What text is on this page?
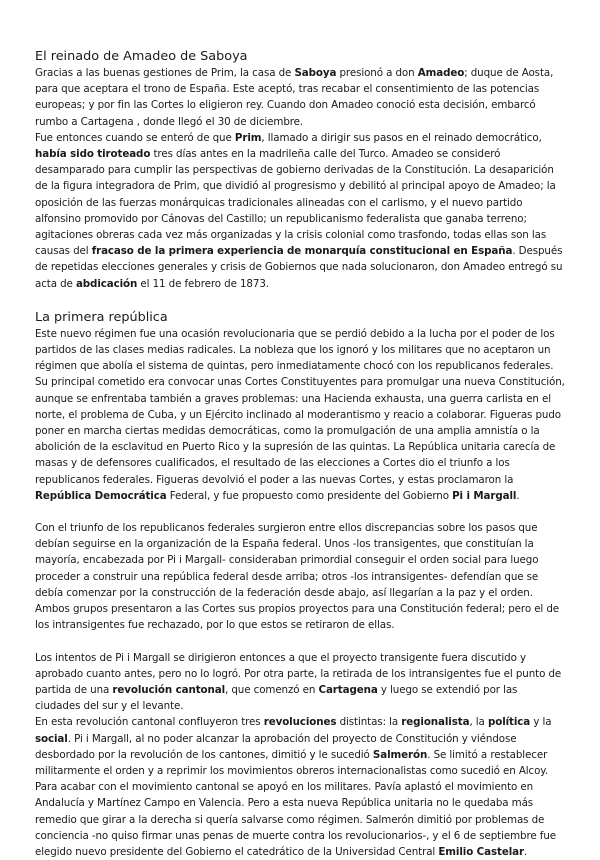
El reinado de Amadeo de Saboya

Gracias a las buenas gestiones de Prim, la casa de Saboya presionó a don Amadeo; duque de Aosta, para que aceptara el trono de España. Este aceptó, tras recabar el consentimiento de las potencias europeas; y por fin las Cortes lo eligieron rey. Cuando don Amadeo conoció esta decisión, embarcó rumbo a Cartagena , donde llegó el 30 de diciembre.

Fue entonces cuando se enteró de que Prim, llamado a dirigir sus pasos en el reinado democrático, había sido tiroteado tres días antes en la madrileña calle del Turco. Amadeo se consideró desamparado para cumplir las perspectivas de gobierno derivadas de la Constitución. La desaparición de la figura integradora de Prim, que dividió al progresismo y debilitó al principal apoyo de Amadeo; la oposición de las fuerzas monárquicas tradicionales alineadas con el carlismo, y el nuevo partido alfonsino promovido por Cánovas del Castillo; un republicanismo federalista que ganaba terreno; agitaciones obreras cada vez más organizadas y la crisis colonial como trasfondo, todas ellas son las causas del fracaso de la primera experiencia de monarquía constitucional en España. Después de repetidas elecciones generales y crisis de Gobiernos que nada solucionaron, don Amadeo entregó su acta de abdicación el 11 de febrero de 1873.

La primera república

Este nuevo régimen fue una ocasión revolucionaria que se perdió debido a la lucha por el poder de los partidos de las clases medias radicales. La nobleza que los ignoró y los militares que no aceptaron un régimen que abolía el sistema de quintas, pero inmediatamente chocó con los republicanos federales.

Su principal cometido era convocar unas Cortes Constituyentes para promulgar una nueva Constitución, aunque se enfrentaba también a graves problemas: una Hacienda exhausta, una guerra carlista en el norte, el problema de Cuba, y un Ejército inclinado al moderantismo y reacio a colaborar. Figueras pudo poner en marcha ciertas medidas democráticas, como la promulgación de una amplia amnistía o la abolición de la esclavitud en Puerto Rico y la supresión de las quintas. La República unitaria carecía de masas y de defensores cualificados, el resultado de las elecciones a Cortes dio el triunfo a los republicanos federales. Figueras devolvió el poder a las nuevas Cortes, y estas proclamaron la República Democrática Federal, y fue propuesto como presidente del Gobierno Pi i Margall.

Con el triunfo de los republicanos federales surgieron entre ellos discrepancias sobre los pasos que debían seguirse en la organización de la España federal. Unos -los transigentes, que constituían la mayoría, encabezada por Pi i Margall- consideraban primordial conseguir el orden social para luego proceder a construir una república federal desde arriba; otros -los intransigentes- defendían que se debía comenzar por la construcción de la federación desde abajo, así llegarían a la paz y el orden. Ambos grupos presentaron a las Cortes sus propios proyectos para una Constitución federal; pero el de los intransigentes fue rechazado, por lo que estos se retiraron de ellas.

Los intentos de Pi i Margall se dirigieron entonces a que el proyecto transigente fuera discutido y aprobado cuanto antes, pero no lo logró. Por otra parte, la retirada de los intransigentes fue el punto de partida de una revolución cantonal, que comenzó en Cartagena y luego se extendió por las ciudades del sur y el levante.

En esta revolución cantonal confluyeron tres revoluciones distintas: la regionalista, la política y la social. Pi i Margall, al no poder alcanzar la aprobación del proyecto de Constitución y viéndose desbordado por la revolución de los cantones, dimitió y le sucedió Salmerón. Se limitó a restablecer militarmente el orden y a reprimir los movimientos obreros internacionalistas como sucedió en Alcoy. Para acabar con el movimiento cantonal se apoyó en los militares. Pavía aplastó el movimiento en Andalucía y Martínez Campo en Valencia. Pero a esta nueva República unitaria no le quedaba más remedio que girar a la derecha si quería salvarse como régimen. Salmerón dimitió por problemas de conciencia -no quiso firmar unas penas de muerte contra los revolucionarios-, y el 6 de septiembre fue elegido nuevo presidente del Gobierno el catedrático de la Universidad Central Emilio Castelar.
